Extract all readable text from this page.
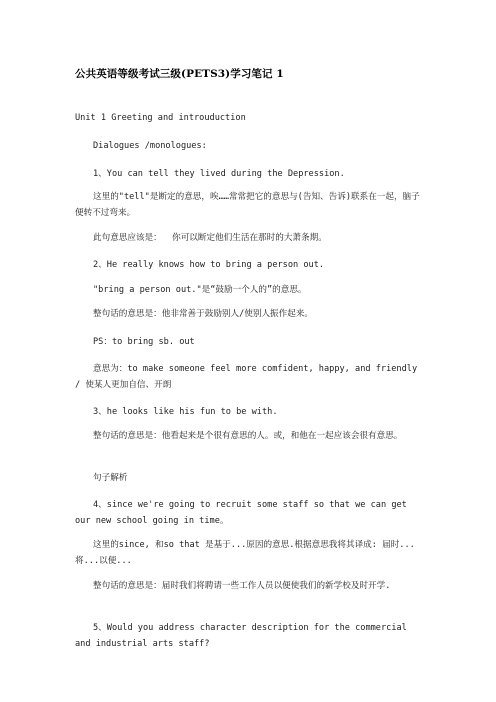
公共英语等级考试三级(PETS3)学习笔记 1
Unit 1 Greeting and introuduction
Dialogues /monologues:
1、You can tell they lived during the Depression.
这里的"tell"是断定的意思，唉……常常把它的意思与(告知、告诉)联系在一起，脑子便转不过弯来。
此句意思应该是：  你可以断定他们生活在那时的大萧条期。
2、He really knows how to bring a person out.
"bring a person out."是“鼓励一个人的”的意思。
整句话的意思是：他非常善于鼓励别人/使别人振作起来。
PS：to bring sb. out
意思为：to make someone feel more comfident, happy, and friendly / 使某人更加自信、开朗
3、he looks like his fun to be with.
整句话的意思是：他看起来是个很有意思的人。或，和他在一起应该会很有意思。
句子解析
4、since we're going to recruit some staff so that we can get our new school going in time。
这里的since, 和so that 是基于...原因的意思.根据意思我将其译成: 届时...将...以便...
整句话的意思是：届时我们将聘请一些工作人员以便使我们的新学校及时开学.
5、Would you address character description for the commercial and industrial arts staff?
